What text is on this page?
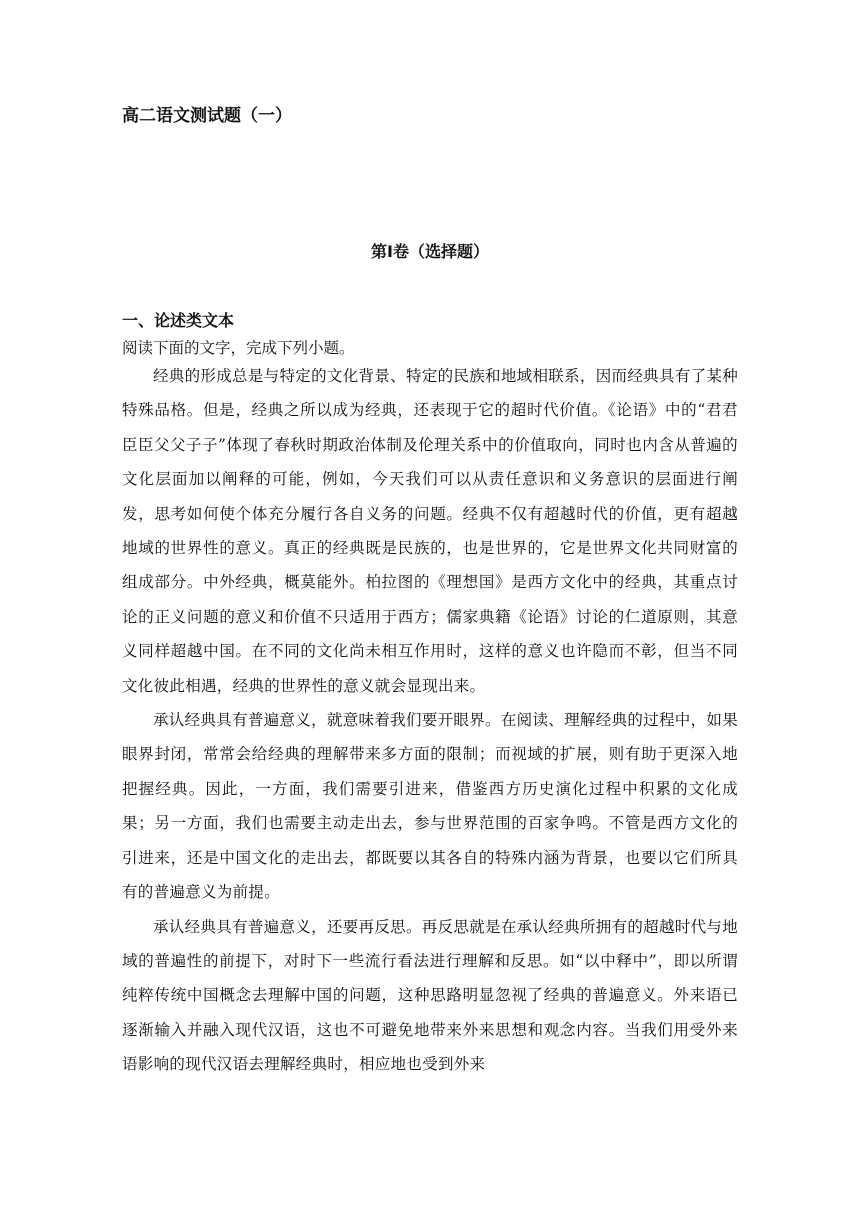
高二语文测试题（一）
第Ⅰ卷（选择题）
一、论述类文本

阅读下面的文字，完成下列小题。

经典的形成总是与特定的文化背景、特定的民族和地域相联系，因而经典具有了某种特殊品格。但是，经典之所以成为经典，还表现于它的超时代价值。《论语》中的“君君臣臣父父子子”体现了春秋时期政治体制及伦理关系中的价值取向，同时也内含从普遍的文化层面加以阐释的可能，例如，今天我们可以从责任意识和义务意识的层面进行阐发，思考如何使个体充分履行各自义务的问题。经典不仅有超越时代的价值，更有超越地域的世界性的意义。真正的经典既是民族的，也是世界的，它是世界文化共同财富的组成部分。中外经典，概莫能外。柏拉图的《理想国》是西方文化中的经典，其重点讨论的正义问题的意义和价值不只适用于西方；儒家典籍《论语》讨论的仁道原则，其意义同样超越中国。在不同的文化尚未相互作用时，这样的意义也许隐而不彰，但当不同文化彼此相遇，经典的世界性的意义就会显现出来。

承认经典具有普遍意义，就意味着我们要开眼界。在阅读、理解经典的过程中，如果眼界封闭，常常会给经典的理解带来多方面的限制；而视域的扩展，则有助于更深入地把握经典。因此，一方面，我们需要引进来，借鉴西方历史演化过程中积累的文化成果；另一方面，我们也需要主动走出去，参与世界范围的百家争鸣。不管是西方文化的引进来，还是中国文化的走出去，都既要以其各自的特殊内涵为背景，也要以它们所具有的普遍意义为前提。

承认经典具有普遍意义，还要再反思。再反思就是在承认经典所拥有的超越时代与地域的普遍性的前提下，对时下一些流行看法进行理解和反思。如“以中释中”，即以所谓纯粹传统中国概念去理解中国的问题，这种思路明显忽视了经典的普遍意义。外来语已逐渐输入并融入现代汉语，这也不可避免地带来外来思想和观念内容。当我们用受外来语影响的现代汉语去理解经典时，相应地也受到外来
